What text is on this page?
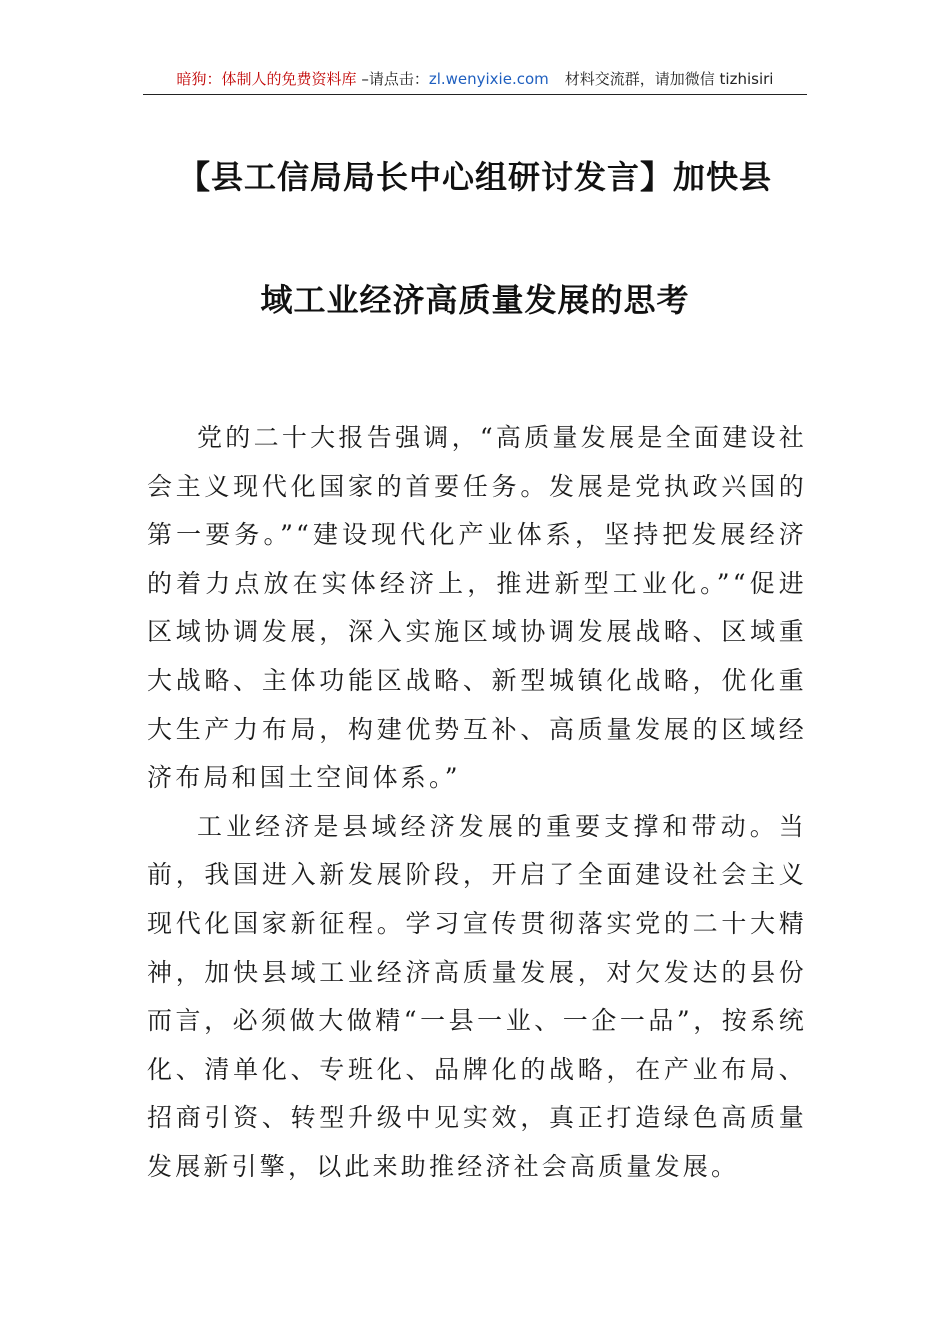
暗狗：体制人的免费资料库 –请点击：zl.wenyixie.com 材料交流群，请加微信 tizhisiri
【县工信局局长中心组研讨发言】加快县
域工业经济高质量发展的思考

党的二十大报告强调，“高质量发展是全面建设社会主义现代化国家的首要任务。发展是党执政兴国的第一要务。”“建设现代化产业体系，坚持把发展经济的着力点放在实体经济上，推进新型工业化。”“促进区域协调发展，深入实施区域协调发展战略、区域重大战略、主体功能区战略、新型城镇化战略，优化重大生产力布局，构建优势互补、高质量发展的区域经济布局和国土空间体系。”

工业经济是县域经济发展的重要支撑和带动。当前，我国进入新发展阶段，开启了全面建设社会主义现代化国家新征程。学习宣传贯彻落实党的二十大精神，加快县域工业经济高质量发展，对欠发达的县份而言，必须做大做精“一县一业、一企一品”，按系统化、清单化、专班化、品牌化的战略，在产业布局、招商引资、转型升级中见实效，真正打造绿色高质量发展新引擎，以此来助推经济社会高质量发展。
